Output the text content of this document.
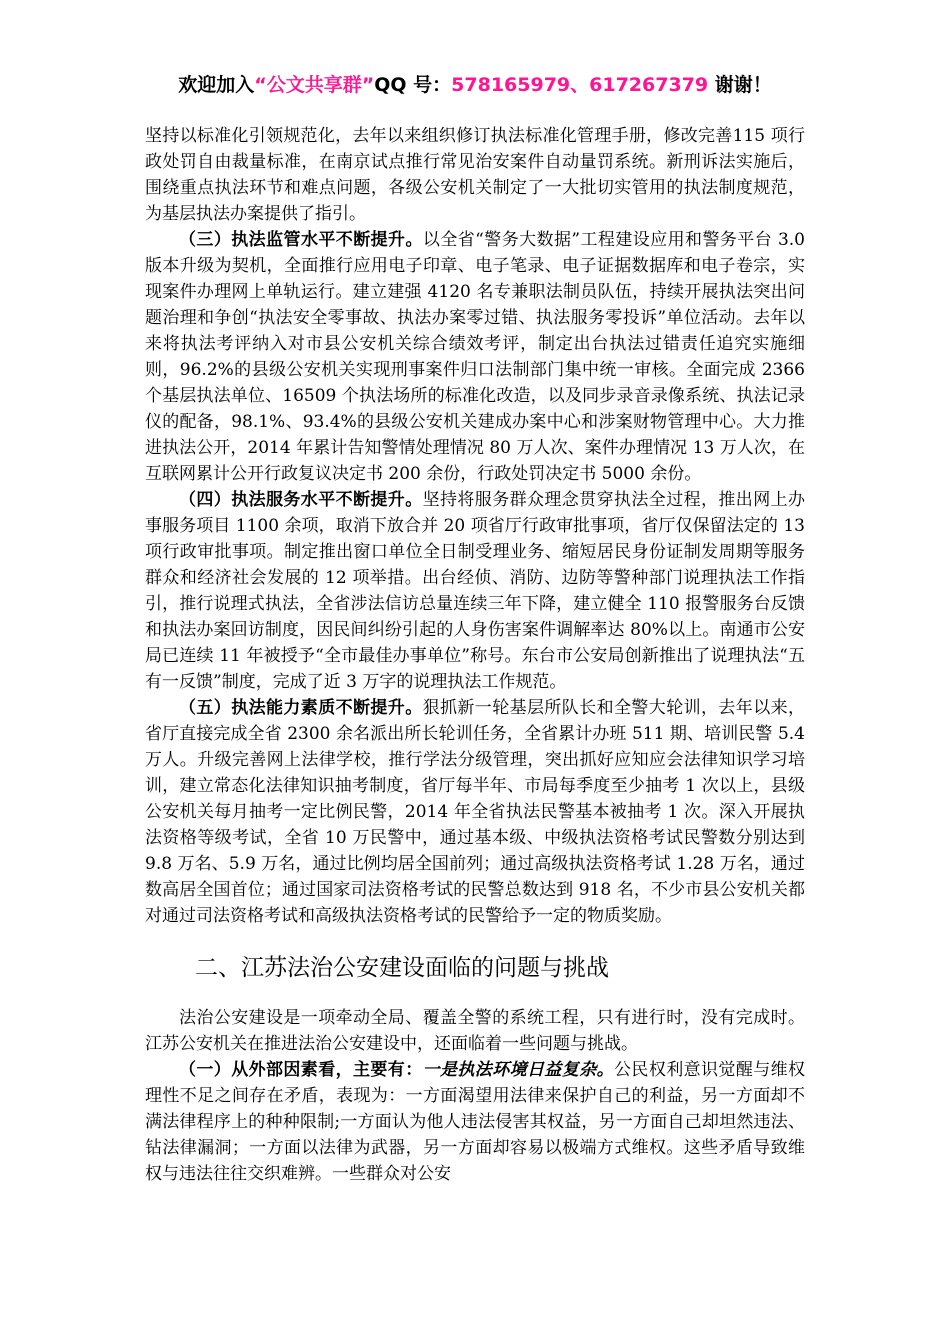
欢迎加入“公文共享群”QQ 号：578165979、617267379 谢谢！

坚持以标准化引领规范化，去年以来组织修订执法标准化管理手册，修改完善115 项行政处罚自由裁量标准，在南京试点推行常见治安案件自动量罚系统。新刑诉法实施后，围绕重点执法环节和难点问题，各级公安机关制定了一大批切实管用的执法制度规范，为基层执法办案提供了指引。

（三）执法监管水平不断提升。以全省“警务大数据”工程建设应用和警务平台 3.0 版本升级为契机，全面推行应用电子印章、电子笔录、电子证据数据库和电子卷宗，实现案件办理网上单轨运行。建立建强 4120 名专兼职法制员队伍，持续开展执法突出问题治理和争创“执法安全零事故、执法办案零过错、执法服务零投诉”单位活动。去年以来将执法考评纳入对市县公安机关综合绩效考评，制定出台执法过错责任追究实施细则，96.2%的县级公安机关实现刑事案件归口法制部门集中统一审核。全面完成 2366 个基层执法单位、16509 个执法场所的标准化改造，以及同步录音录像系统、执法记录仪的配备，98.1%、93.4%的县级公安机关建成办案中心和涉案财物管理中心。大力推进执法公开，2014 年累计告知警情处理情况 80 万人次、案件办理情况 13 万人次，在互联网累计公开行政复议决定书 200 余份，行政处罚决定书 5000 余份。

（四）执法服务水平不断提升。坚持将服务群众理念贯穿执法全过程，推出网上办事服务项目 1100 余项，取消下放合并 20 项省厅行政审批事项，省厅仅保留法定的 13 项行政审批事项。制定推出窗口单位全日制受理业务、缩短居民身份证制发周期等服务群众和经济社会发展的 12 项举措。出台经侦、消防、边防等警种部门说理执法工作指引，推行说理式执法，全省涉法信访总量连续三年下降，建立健全 110 报警服务台反馈和执法办案回访制度，因民间纠纷引起的人身伤害案件调解率达 80%以上。南通市公安局已连续 11 年被授予“全市最佳办事单位”称号。东台市公安局创新推出了说理执法“五有一反馈”制度，完成了近 3 万字的说理执法工作规范。

（五）执法能力素质不断提升。狠抓新一轮基层所队长和全警大轮训，去年以来，省厅直接完成全省 2300 余名派出所长轮训任务，全省累计办班 511 期、培训民警 5.4 万人。升级完善网上法律学校，推行学法分级管理，突出抓好应知应会法律知识学习培训，建立常态化法律知识抽考制度，省厅每半年、市局每季度至少抽考 1 次以上，县级公安机关每月抽考一定比例民警，2014 年全省执法民警基本被抽考 1 次。深入开展执法资格等级考试，全省 10 万民警中，通过基本级、中级执法资格考试民警数分别达到 9.8 万名、5.9 万名，通过比例均居全国前列；通过高级执法资格考试 1.28 万名，通过数高居全国首位；通过国家司法资格考试的民警总数达到 918 名，不少市县公安机关都对通过司法资格考试和高级执法资格考试的民警给予一定的物质奖励。

二、江苏法治公安建设面临的问题与挑战

法治公安建设是一项牵动全局、覆盖全警的系统工程，只有进行时，没有完成时。江苏公安机关在推进法治公安建设中，还面临着一些问题与挑战。

（一）从外部因素看，主要有：一是执法环境日益复杂。公民权利意识觉醒与维权理性不足之间存在矛盾，表现为：一方面渴望用法律来保护自己的利益，另一方面却不满法律程序上的种种限制;一方面认为他人违法侵害其权益，另一方面自己却坦然违法、钻法律漏洞；一方面以法律为武器，另一方面却容易以极端方式维权。这些矛盾导致维权与违法往往交织难辨。一些群众对公安
